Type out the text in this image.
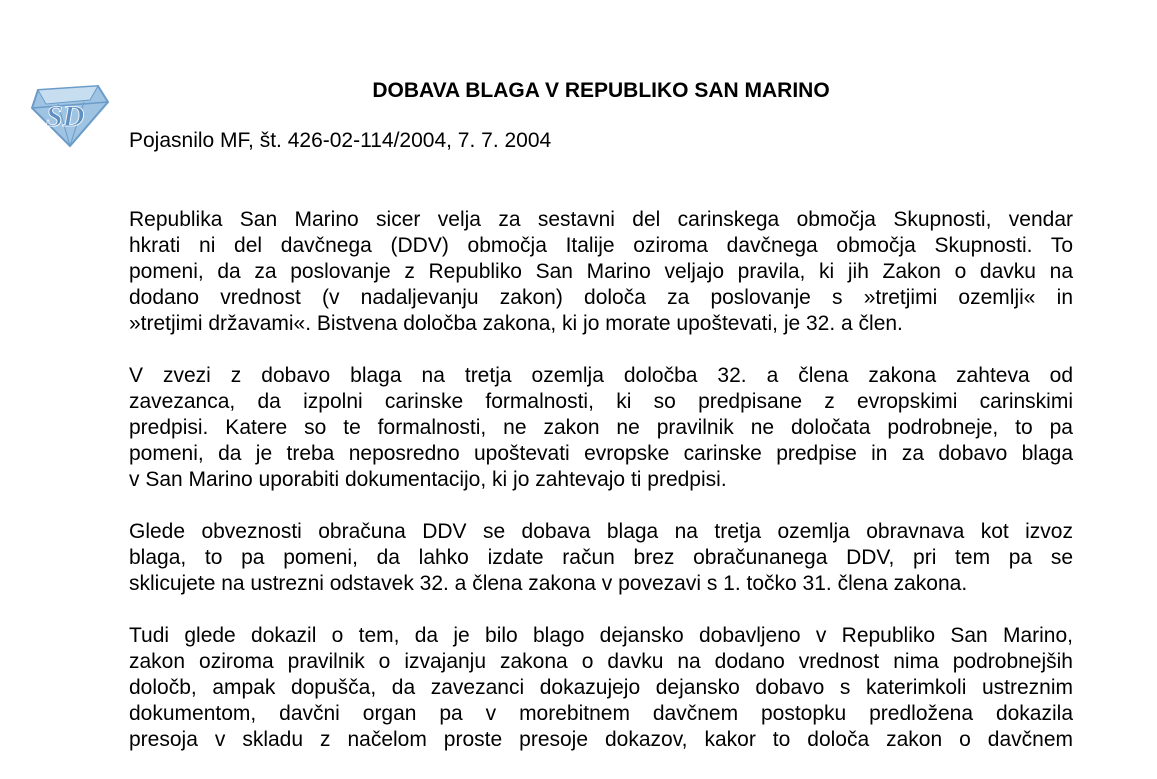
SD
DOBAVA BLAGA V REPUBLIKO SAN MARINO

Pojasnilo MF, št. 426-02-114/2004, 7. 7. 2004

Republika San Marino sicer velja za sestavni del carinskega območja Skupnosti, vendar
hkrati ni del davčnega (DDV) območja Italije oziroma davčnega območja Skupnosti. To
pomeni, da za poslovanje z Republiko San Marino veljajo pravila, ki jih Zakon o davku na
dodano vrednost (v nadaljevanju zakon) določa za poslovanje s »tretjimi ozemlji« in
»tretjimi državami«. Bistvena določba zakona, ki jo morate upoštevati, je 32. a člen.
V zvezi z dobavo blaga na tretja ozemlja določba 32. a člena zakona zahteva od
zavezanca, da izpolni carinske formalnosti, ki so predpisane z evropskimi carinskimi
predpisi. Katere so te formalnosti, ne zakon ne pravilnik ne določata podrobneje, to pa
pomeni, da je treba neposredno upoštevati evropske carinske predpise in za dobavo blaga
v San Marino uporabiti dokumentacijo, ki jo zahtevajo ti predpisi.
Glede obveznosti obračuna DDV se dobava blaga na tretja ozemlja obravnava kot izvoz
blaga, to pa pomeni, da lahko izdate račun brez obračunanega DDV, pri tem pa se
sklicujete na ustrezni odstavek 32. a člena zakona v povezavi s 1. točko 31. člena zakona.
Tudi glede dokazil o tem, da je bilo blago dejansko dobavljeno v Republiko San Marino,
zakon oziroma pravilnik o izvajanju zakona o davku na dodano vrednost nima podrobnejših
določb, ampak dopušča, da zavezanci dokazujejo dejansko dobavo s katerimkoli ustreznim
dokumentom, davčni organ pa v morebitnem davčnem postopku predložena dokazila
presoja v skladu z načelom proste presoje dokazov, kakor to določa zakon o davčnem
